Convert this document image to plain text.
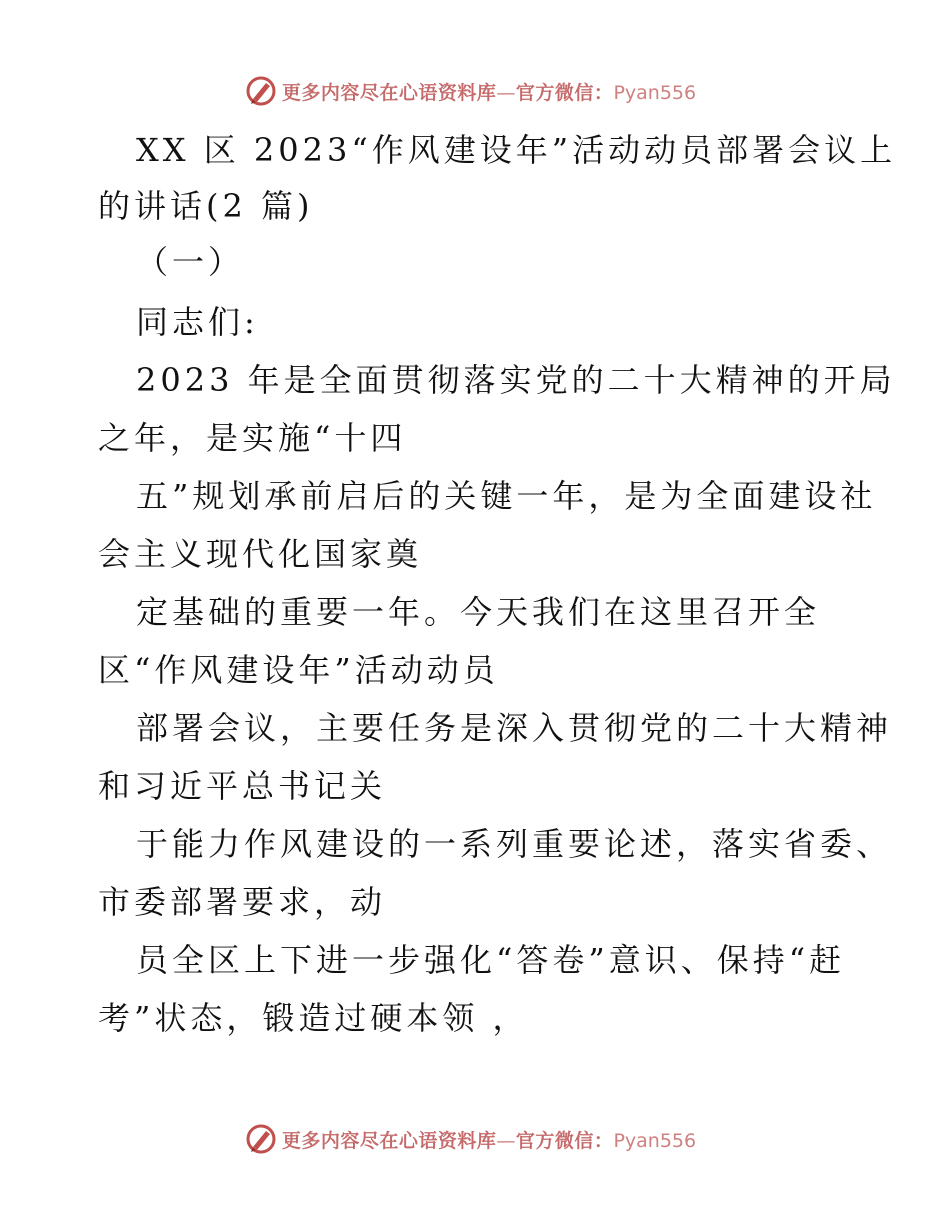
更多内容尽在心语资料库—官方微信：Pyan556
XX 区 2023“作风建设年”活动动员部署会议上
的讲话(2 篇)
（一）
同志们:
2023 年是全面贯彻落实党的二十大精神的开局
之年，是实施“十四
五”规划承前启后的关键一年，是为全面建设社
会主义现代化国家奠
定基础的重要一年。今天我们在这里召开全
区“作风建设年”活动动员
部署会议，主要任务是深入贯彻党的二十大精神
和习近平总书记关
于能力作风建设的一系列重要论述，落实省委、
市委部署要求，动
员全区上下进一步强化“答卷”意识、保持“赶
考”状态，锻造过硬本领 ，
更多内容尽在心语资料库—官方微信：Pyan556
